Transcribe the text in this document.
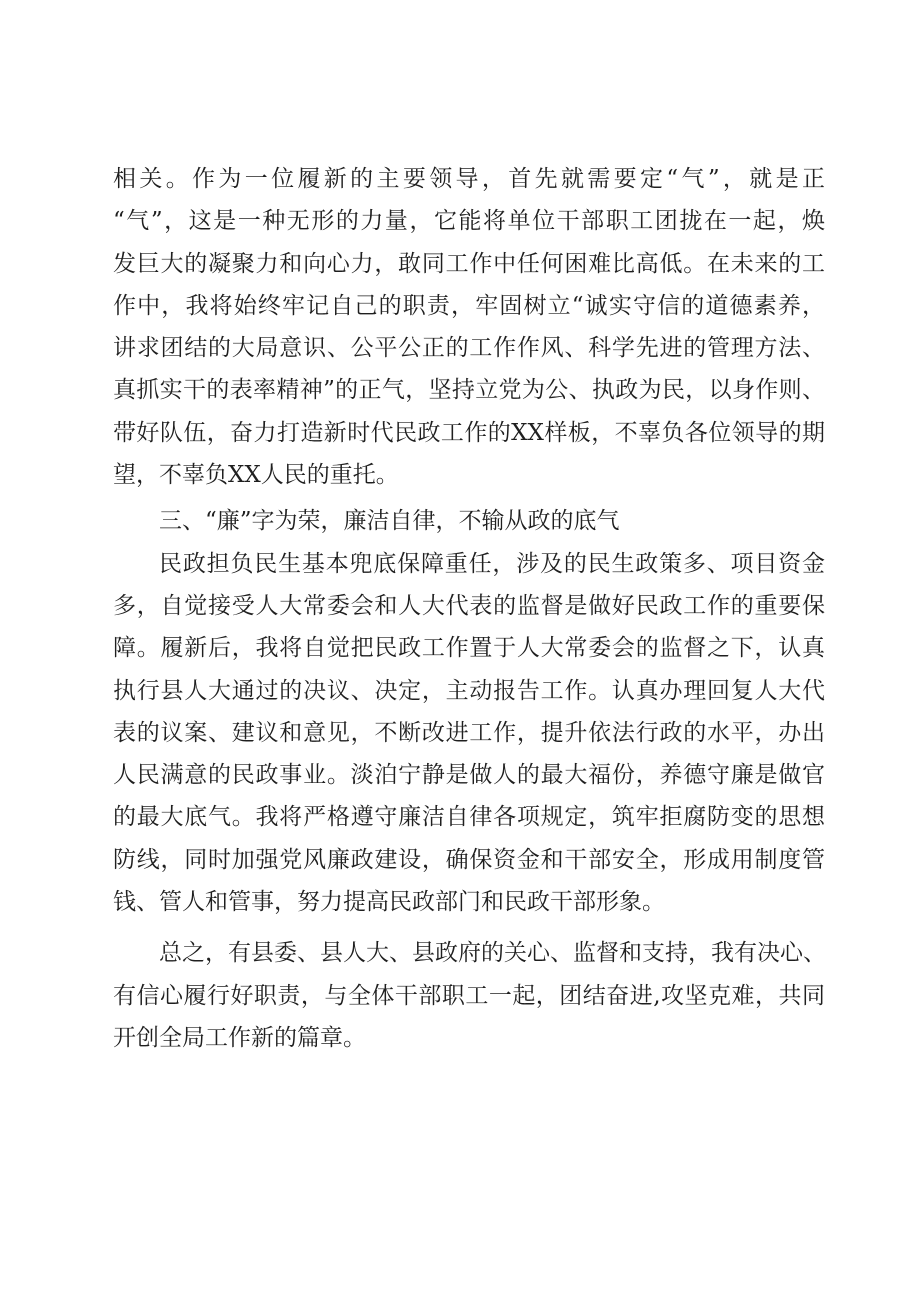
相关。作为一位履新的主要领导，首先就需要定“气”，就是正
“气”，这是一种无形的力量，它能将单位干部职工团拢在一起，焕
发巨大的凝聚力和向心力，敢同工作中任何困难比高低。在未来的工
作中，我将始终牢记自己的职责，牢固树立“诚实守信的道德素养，
讲求团结的大局意识、公平公正的工作作风、科学先进的管理方法、
真抓实干的表率精神”的正气，坚持立党为公、执政为民，以身作则、
带好队伍，奋力打造新时代民政工作的XX样板，不辜负各位领导的期
望，不辜负XX人民的重托。
三、“廉”字为荣，廉洁自律，不输从政的底气
民政担负民生基本兜底保障重任，涉及的民生政策多、项目资金
多，自觉接受人大常委会和人大代表的监督是做好民政工作的重要保
障。履新后，我将自觉把民政工作置于人大常委会的监督之下，认真
执行县人大通过的决议、决定，主动报告工作。认真办理回复人大代
表的议案、建议和意见，不断改进工作，提升依法行政的水平，办出
人民满意的民政事业。淡泊宁静是做人的最大福份，养德守廉是做官
的最大底气。我将严格遵守廉洁自律各项规定，筑牢拒腐防变的思想
防线，同时加强党风廉政建设，确保资金和干部安全，形成用制度管
钱、管人和管事，努力提高民政部门和民政干部形象。
总之，有县委、县人大、县政府的关心、监督和支持，我有决心、
有信心履行好职责，与全体干部职工一起，团结奋进,攻坚克难，共同
开创全局工作新的篇章。
